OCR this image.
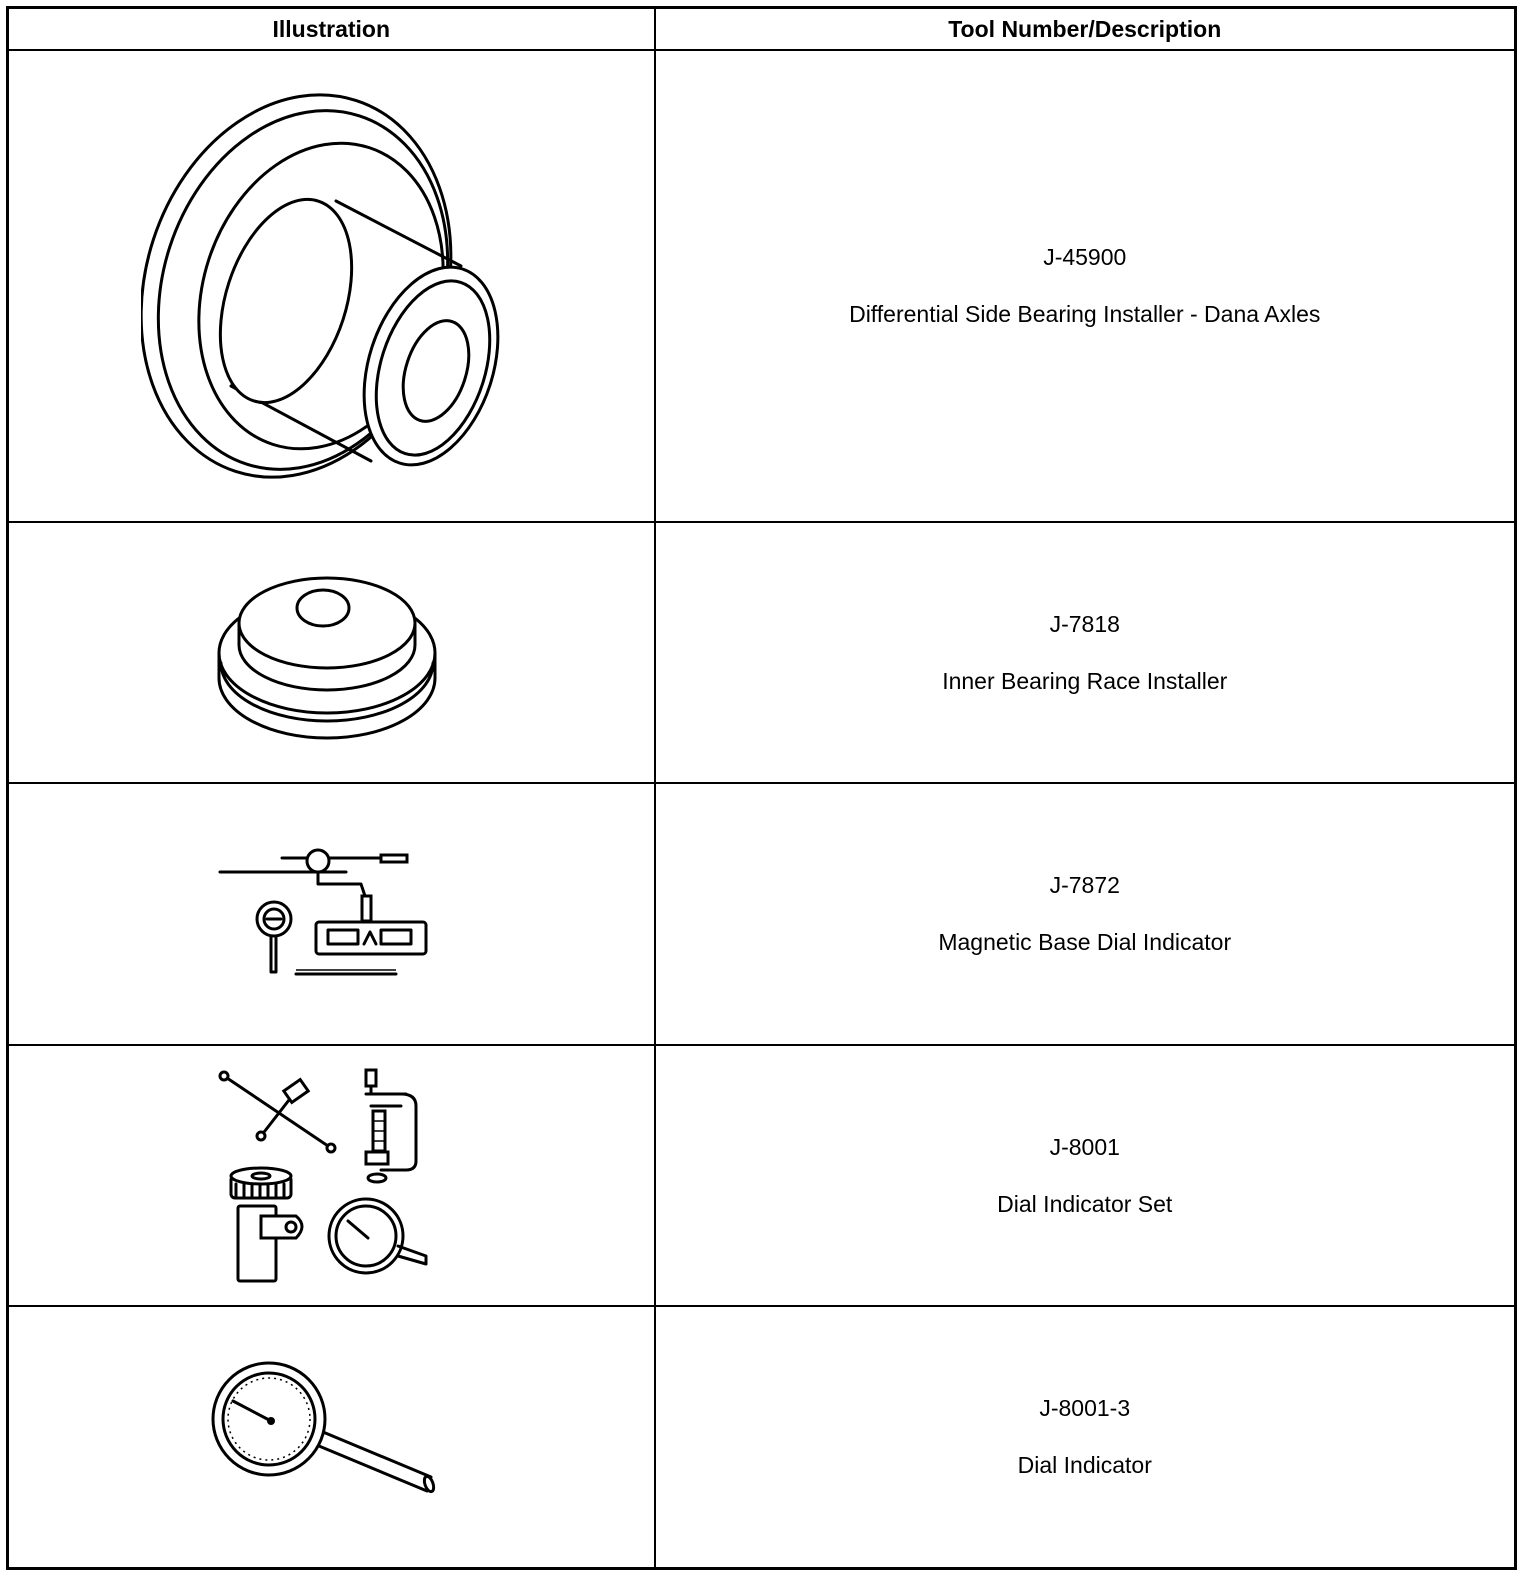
Illustration	Tool Number/Description

J-45900
Differential Side Bearing Installer - Dana Axles

J-7818
Inner Bearing Race Installer

J-7872
Magnetic Base Dial Indicator

J-8001
Dial Indicator Set

J-8001-3
Dial Indicator
